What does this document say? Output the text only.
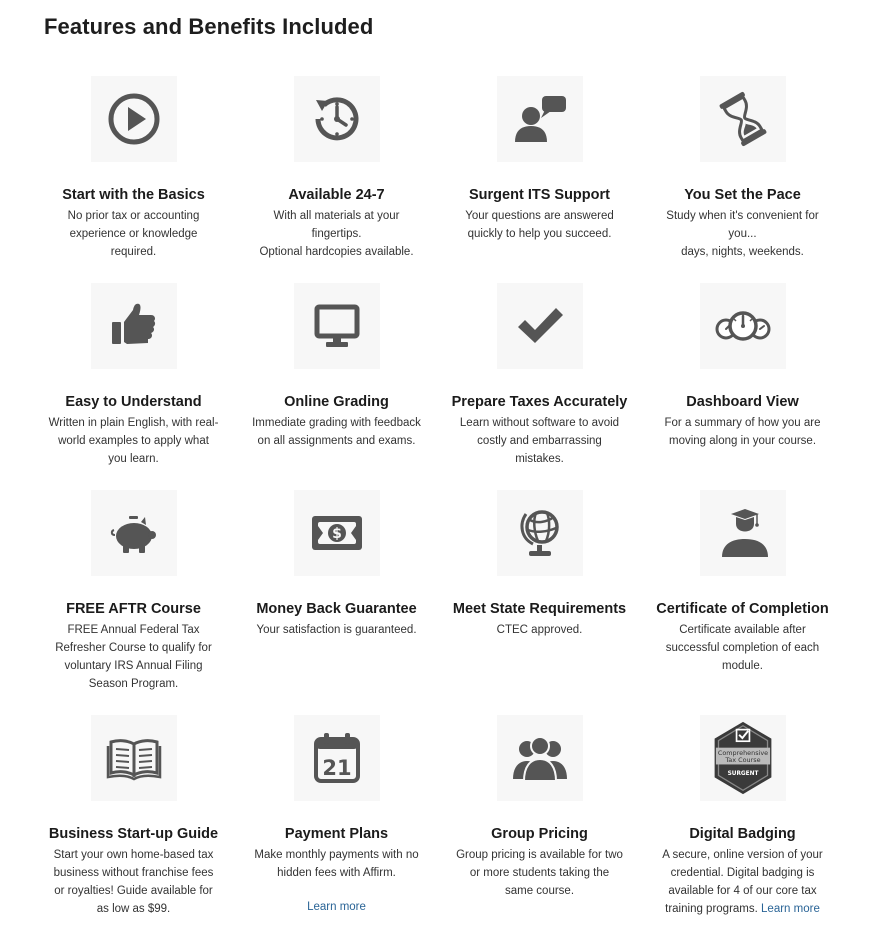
Features and Benefits Included
Start with the Basics
No prior tax or accounting
experience or knowledge
required.
Available 24-7
With all materials at your
fingertips.
Optional hardcopies available.
Surgent ITS Support
Your questions are answered
quickly to help you succeed.
You Set the Pace
Study when it's convenient for
you...
days, nights, weekends.
Easy to Understand
Written in plain English, with real-
world examples to apply what
you learn.
Online Grading
Immediate grading with feedback
on all assignments and exams.
Prepare Taxes Accurately
Learn without software to avoid
costly and embarrassing
mistakes.
Dashboard View
For a summary of how you are
moving along in your course.
FREE AFTR Course
FREE Annual Federal Tax
Refresher Course to qualify for
voluntary IRS Annual Filing
Season Program.
$
Money Back Guarantee
Your satisfaction is guaranteed.
Meet State Requirements
CTEC approved.
Certificate of Completion
Certificate available after
successful completion of each
module.
Business Start-up Guide
Start your own home-based tax
business without franchise fees
or royalties! Guide available for
as low as $99.
21
Payment Plans
Make monthly payments with no
hidden fees with Affirm.
Learn more
Group Pricing
Group pricing is available for two
or more students taking the
same course.
Comprehensive
Tax Course
SURGENT
Digital Badging
A secure, online version of your
credential. Digital badging is
available for 4 of our core tax
training programs. Learn more
